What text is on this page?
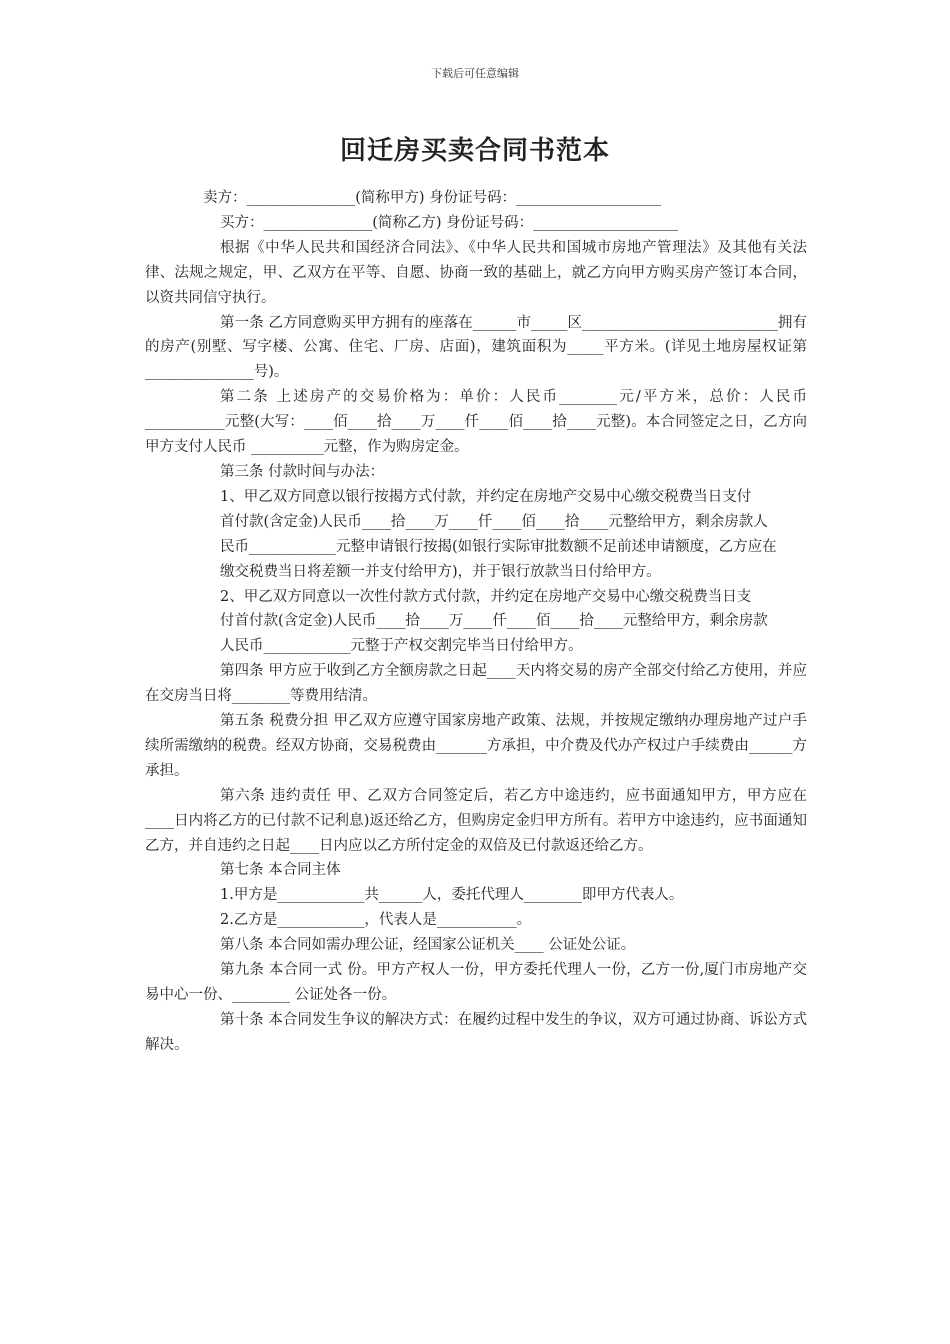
下载后可任意编辑
回迁房买卖合同书范本

卖方：_______________(简称甲方) 身份证号码：____________________

买方：_______________(简称乙方) 身份证号码：____________________

根据《中华人民共和国经济合同法》、《中华人民共和国城市房地产管理法》及其他有关法律、法规之规定，甲、乙双方在平等、自愿、协商一致的基础上，就乙方向甲方购买房产签订本合同，以资共同信守执行。

第一条 乙方同意购买甲方拥有的座落在______市_____区___________________________拥有的房产(别墅、写字楼、公寓、住宅、厂房、店面)，建筑面积为_____平方米。(详见土地房屋权证第_______________号)。

第二条 上述房产的交易价格为：单价：人民币________元/平方米，总价：人民币___________元整(大写：____佰____拾____万____仟____佰____拾____元整)。本合同签定之日，乙方向甲方支付人民币 __________元整，作为购房定金。

第三条 付款时间与办法：

1、甲乙双方同意以银行按揭方式付款，并约定在房地产交易中心缴交税费当日支付

首付款(含定金)人民币____拾____万____仟____佰____拾____元整给甲方，剩余房款人

民币____________元整申请银行按揭(如银行实际审批数额不足前述申请额度，乙方应在

缴交税费当日将差额一并支付给甲方)，并于银行放款当日付给甲方。

2、甲乙双方同意以一次性付款方式付款，并约定在房地产交易中心缴交税费当日支

付首付款(含定金)人民币____拾____万____仟____佰____拾____元整给甲方，剩余房款

人民币____________元整于产权交割完毕当日付给甲方。

第四条 甲方应于收到乙方全额房款之日起____天内将交易的房产全部交付给乙方使用，并应在交房当日将________等费用结清。

第五条 税费分担 甲乙双方应遵守国家房地产政策、法规，并按规定缴纳办理房地产过户手续所需缴纳的税费。经双方协商，交易税费由_______方承担，中介费及代办产权过户手续费由______方承担。

第六条 违约责任 甲、乙双方合同签定后，若乙方中途违约，应书面通知甲方，甲方应在____日内将乙方的已付款不记利息)返还给乙方，但购房定金归甲方所有。若甲方中途违约，应书面通知乙方，并自违约之日起____日内应以乙方所付定金的双倍及已付款返还给乙方。

第七条 本合同主体

1.甲方是____________共______人，委托代理人________即甲方代表人。

2.乙方是____________，代表人是___________。

第八条 本合同如需办理公证，经国家公证机关____ 公证处公证。

第九条 本合同一式 份。甲方产权人一份，甲方委托代理人一份，乙方一份,厦门市房地产交易中心一份、________ 公证处各一份。

第十条 本合同发生争议的解决方式：在履约过程中发生的争议，双方可通过协商、诉讼方式解决。
